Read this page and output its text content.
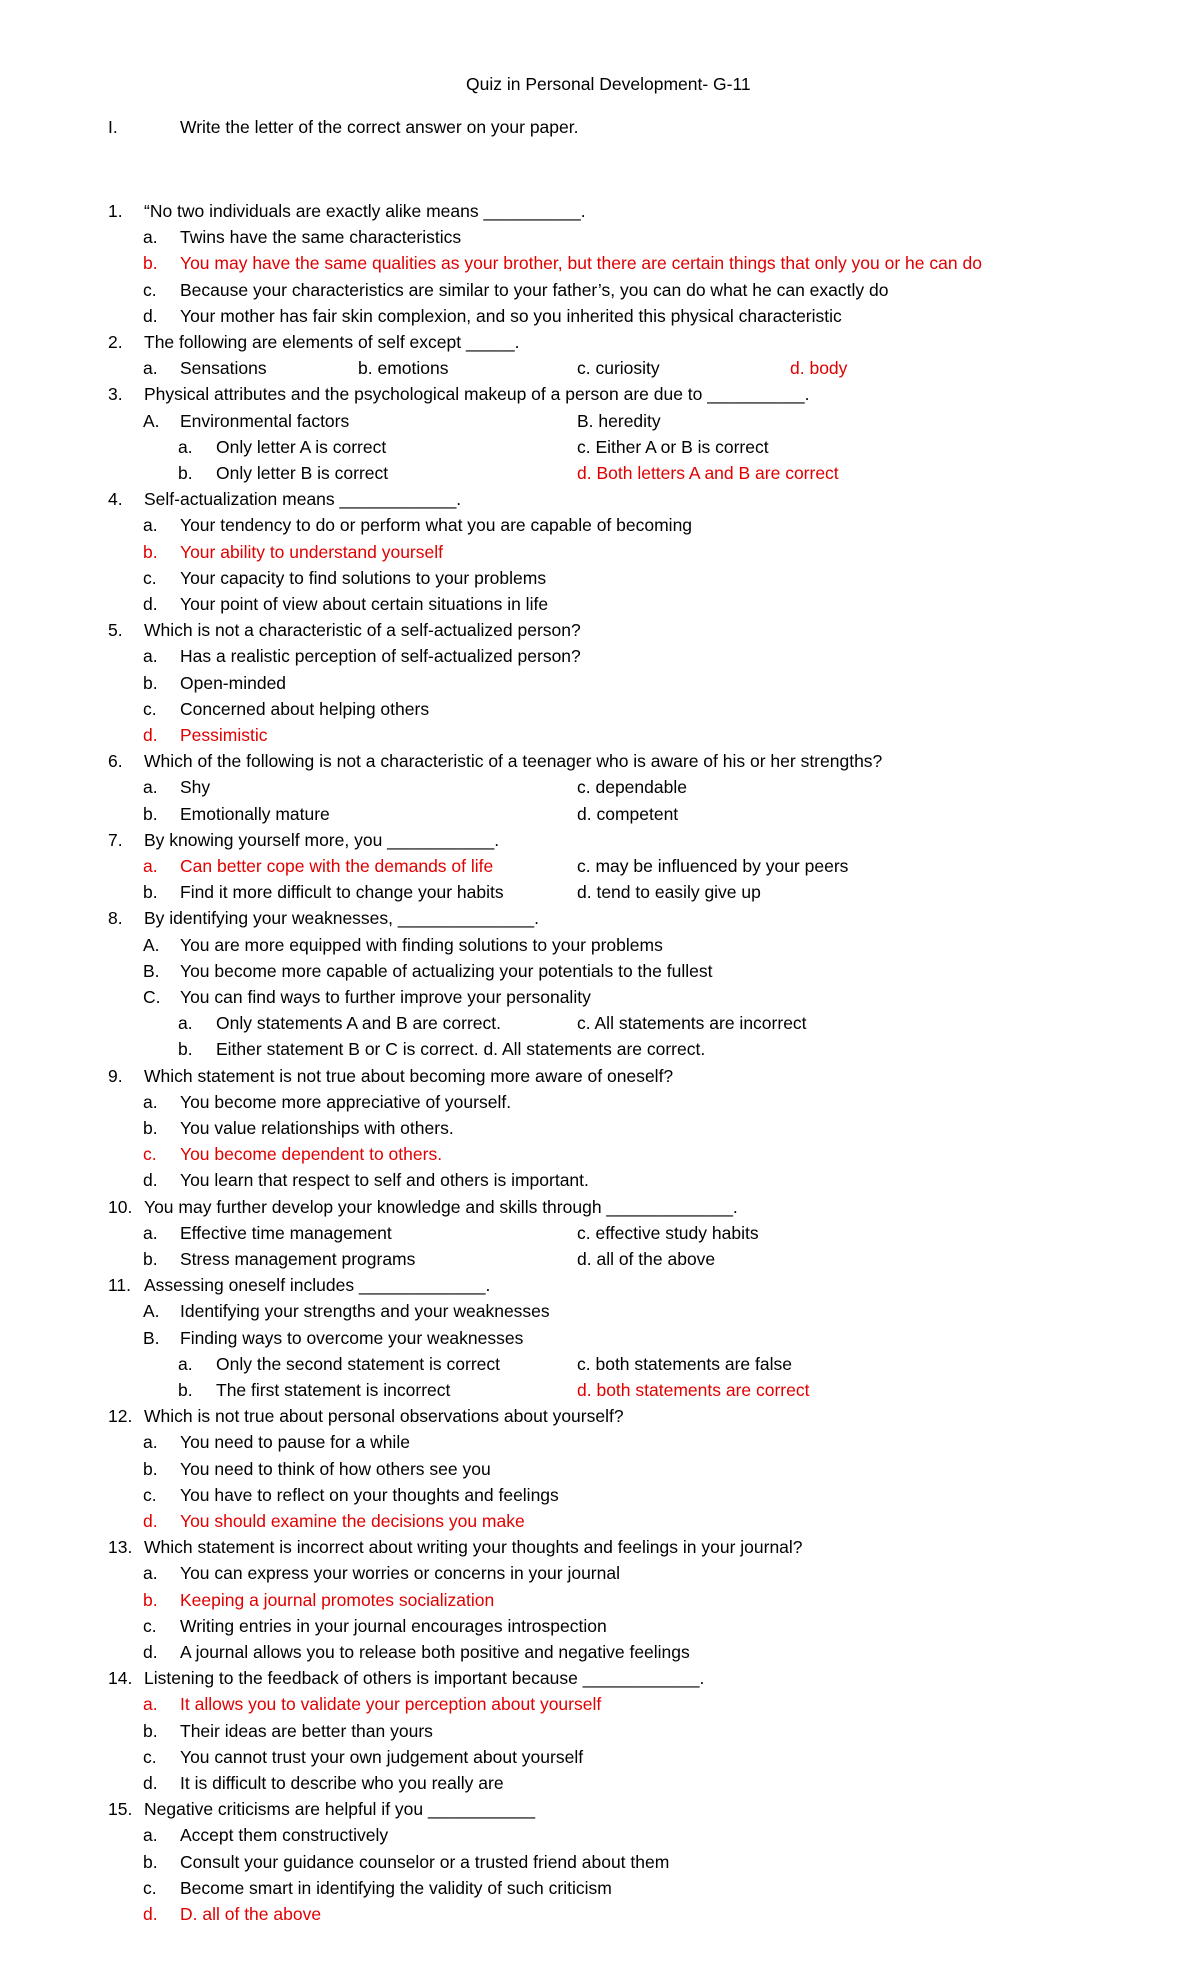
Quiz in Personal Development- G-11
I.	Write the letter of the correct answer on your paper.
1. “No two individuals are exactly alike means __________.
a. Twins have the same characteristics
b. You may have the same qualities as your brother, but there are certain things that only you or he can do
c. Because your characteristics are similar to your father’s, you can do what he can exactly do
d. Your mother has fair skin complexion, and so you inherited this physical characteristic
2. The following are elements of self except _____.
a. Sensations	b. emotions	c. curiosity	d. body
3. Physical attributes and the psychological makeup of a person are due to __________.
A. Environmental factors	B. heredity
a. Only letter A is correct	c. Either A or B is correct
b. Only letter B is correct	d. Both letters A and B are correct
4. Self-actualization means ____________.
a. Your tendency to do or perform what you are capable of becoming
b. Your ability to understand yourself
c. Your capacity to find solutions to your problems
d. Your point of view about certain situations in life
5. Which is not a characteristic of a self-actualized person?
a. Has a realistic perception of self-actualized person?
b. Open-minded
c. Concerned about helping others
d. Pessimistic
6. Which of the following is not a characteristic of a teenager who is aware of his or her strengths?
a. Shy	c. dependable
b. Emotionally mature	d. competent
7. By knowing yourself more, you ___________.
a. Can better cope with the demands of life	c. may be influenced by your peers
b. Find it more difficult to change your habits	d. tend to easily give up
8. By identifying your weaknesses, ______________.
A. You are more equipped with finding solutions to your problems
B. You become more capable of actualizing your potentials to the fullest
C. You can find ways to further improve your personality
a. Only statements A and B are correct.	c. All statements are incorrect
b. Either statement B or C is correct. d. All statements are correct.
9. Which statement is not true about becoming more aware of oneself?
a. You become more appreciative of yourself.
b. You value relationships with others.
c. You become dependent to others.
d. You learn that respect to self and others is important.
10. You may further develop your knowledge and skills through _____________.
a. Effective time management	c. effective study habits
b. Stress management programs	d. all of the above
11. Assessing oneself includes _____________.
A. Identifying your strengths and your weaknesses
B. Finding ways to overcome your weaknesses
a. Only the second statement is correct	c. both statements are false
b. The first statement is incorrect	d. both statements are correct
12. Which is not true about personal observations about yourself?
a. You need to pause for a while
b. You need to think of how others see you
c. You have to reflect on your thoughts and feelings
d. You should examine the decisions you make
13. Which statement is incorrect about writing your thoughts and feelings in your journal?
a. You can express your worries or concerns in your journal
b. Keeping a journal promotes socialization
c. Writing entries in your journal encourages introspection
d. A journal allows you to release both positive and negative feelings
14. Listening to the feedback of others is important because ____________.
a. It allows you to validate your perception about yourself
b. Their ideas are better than yours
c. You cannot trust your own judgement about yourself
d. It is difficult to describe who you really are
15. Negative criticisms are helpful if you ___________
a. Accept them constructively
b. Consult your guidance counselor or a trusted friend about them
c. Become smart in identifying the validity of such criticism
d. D. all of the above
